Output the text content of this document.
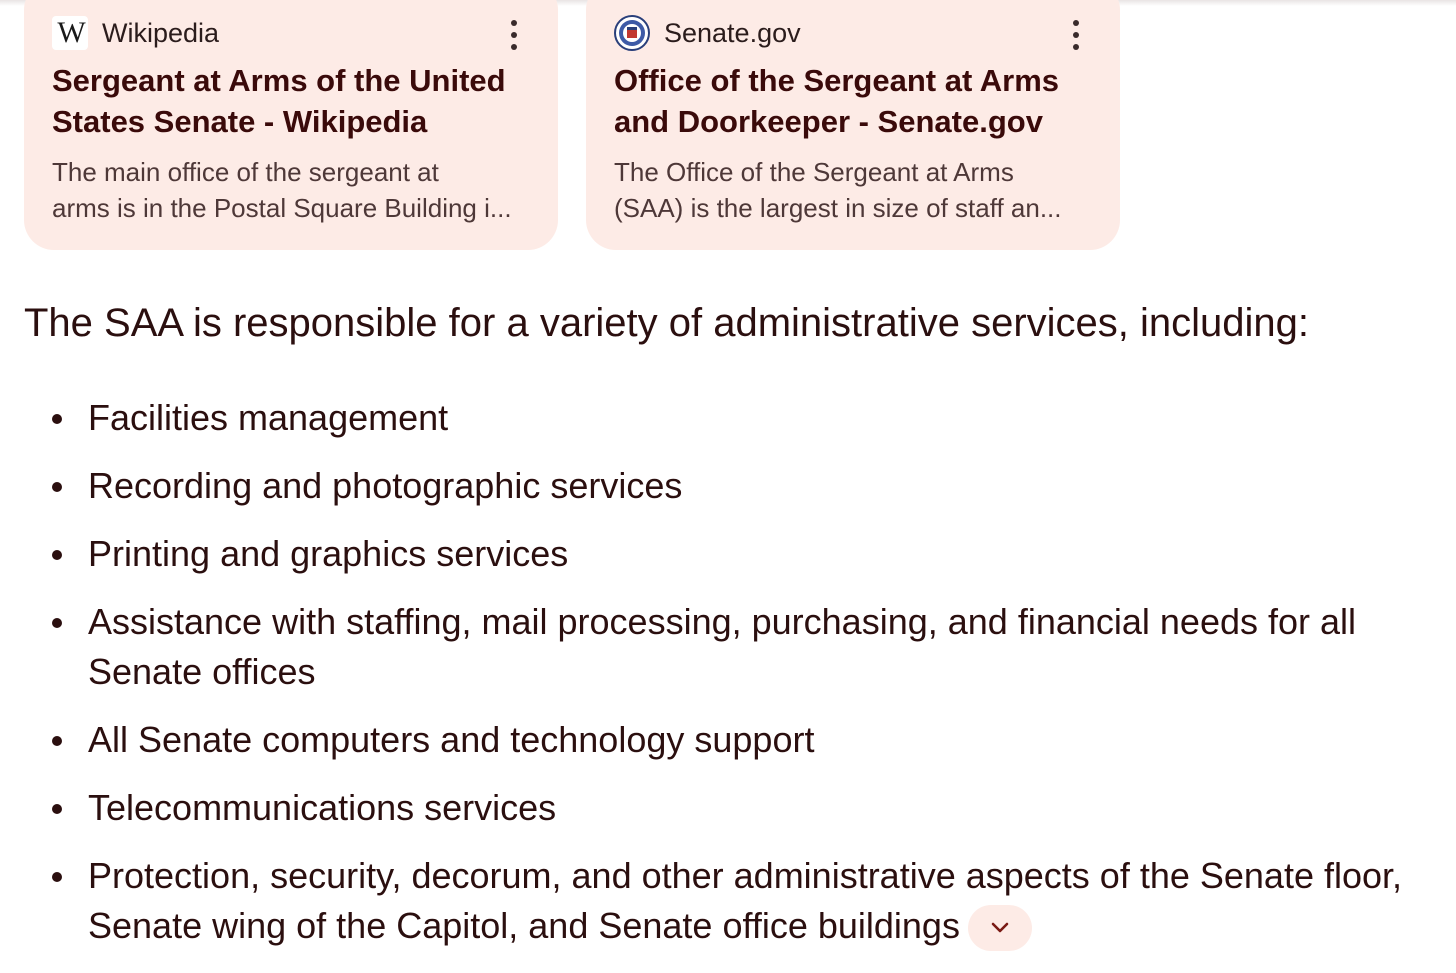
W Wikipedia
Sergeant at Arms of the United
States Senate - Wikipedia
The main office of the sergeant at
arms is in the Postal Square Building i...
Senate.gov
Office of the Sergeant at Arms
and Doorkeeper - Senate.gov
The Office of the Sergeant at Arms
(SAA) is the largest in size of staff an...
The SAA is responsible for a variety of administrative services, including:
Facilities management
Recording and photographic services
Printing and graphics services
Assistance with staffing, mail processing, purchasing, and financial needs for all Senate offices
All Senate computers and technology support
Telecommunications services
Protection, security, decorum, and other administrative aspects of the Senate floor, Senate wing of the Capitol, and Senate office buildings
